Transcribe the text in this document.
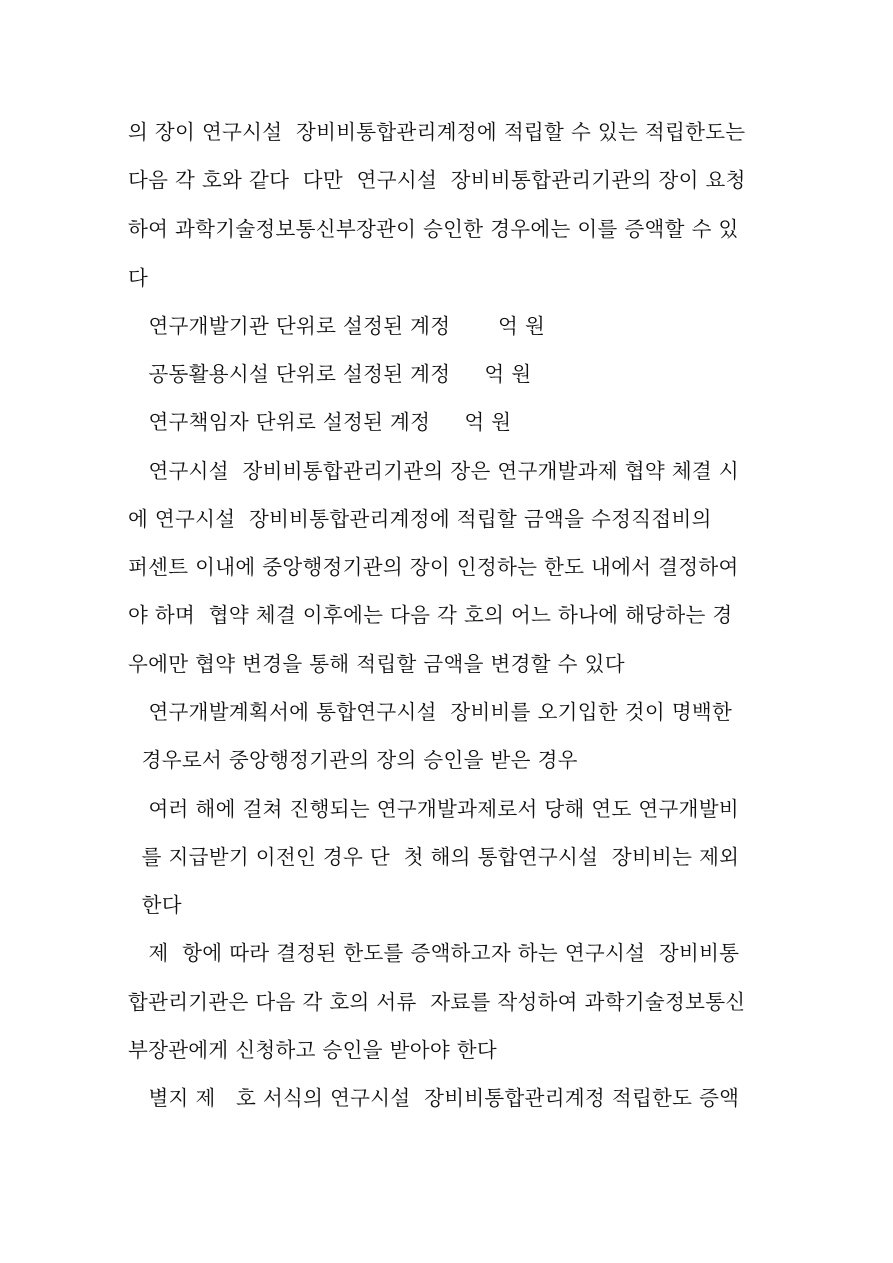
의 장이 연구시설  장비비통합관리계정에 적립할 수 있는 적립한도는
다음 각 호와 같다  다만  연구시설  장비비통합관리기관의 장이 요청
하여 과학기술정보통신부장관이 승인한 경우에는 이를 증액할 수 있
다
연구개발기관 단위로 설정된 계정       억 원
공동활용시설 단위로 설정된 계정     억 원
연구책임자 단위로 설정된 계정     억 원
연구시설  장비비통합관리기관의 장은 연구개발과제 협약 체결 시
에 연구시설  장비비통합관리계정에 적립할 금액을 수정직접비의
퍼센트 이내에 중앙행정기관의 장이 인정하는 한도 내에서 결정하여
야 하며  협약 체결 이후에는 다음 각 호의 어느 하나에 해당하는 경
우에만 협약 변경을 통해 적립할 금액을 변경할 수 있다
연구개발계획서에 통합연구시설  장비비를 오기입한 것이 명백한
경우로서 중앙행정기관의 장의 승인을 받은 경우
여러 해에 걸쳐 진행되는 연구개발과제로서 당해 연도 연구개발비
를 지급받기 이전인 경우 단  첫 해의 통합연구시설  장비비는 제외
한다
제  항에 따라 결정된 한도를 증액하고자 하는 연구시설  장비비통
합관리기관은 다음 각 호의 서류  자료를 작성하여 과학기술정보통신
부장관에게 신청하고 승인을 받아야 한다
별지 제   호 서식의 연구시설  장비비통합관리계정 적립한도 증액
